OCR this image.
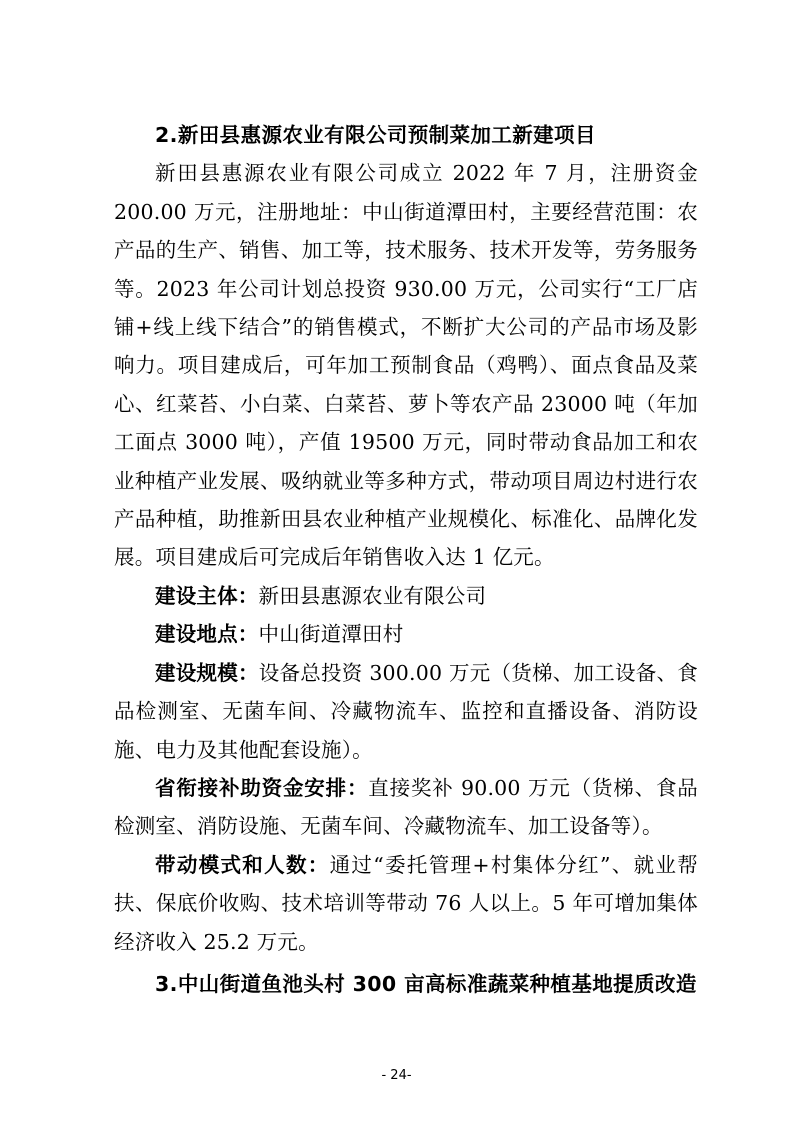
2.新田县惠源农业有限公司预制菜加工新建项目

新田县惠源农业有限公司成立 2022 年 7 月，注册资金 200.00 万元，注册地址：中山街道潭田村，主要经营范围：农产品的生产、销售、加工等，技术服务、技术开发等，劳务服务等。2023 年公司计划总投资 930.00 万元，公司实行“工厂店铺+线上线下结合”的销售模式，不断扩大公司的产品市场及影响力。项目建成后，可年加工预制食品（鸡鸭）、面点食品及菜心、红菜苔、小白菜、白菜苔、萝卜等农产品 23000 吨（年加工面点 3000 吨），产值 19500 万元，同时带动食品加工和农业种植产业发展、吸纳就业等多种方式，带动项目周边村进行农产品种植，助推新田县农业种植产业规模化、标准化、品牌化发展。项目建成后可完成后年销售收入达 1 亿元。

建设主体：新田县惠源农业有限公司

建设地点：中山街道潭田村

建设规模：设备总投资 300.00 万元（货梯、加工设备、食品检测室、无菌车间、冷藏物流车、监控和直播设备、消防设施、电力及其他配套设施）。

省衔接补助资金安排：直接奖补 90.00 万元（货梯、食品检测室、消防设施、无菌车间、冷藏物流车、加工设备等）。

带动模式和人数：通过“委托管理+村集体分红”、就业帮扶、保底价收购、技术培训等带动 76 人以上。5 年可增加集体经济收入 25.2 万元。

3.中山街道鱼池头村 300 亩高标准蔬菜种植基地提质改造

- 24-
